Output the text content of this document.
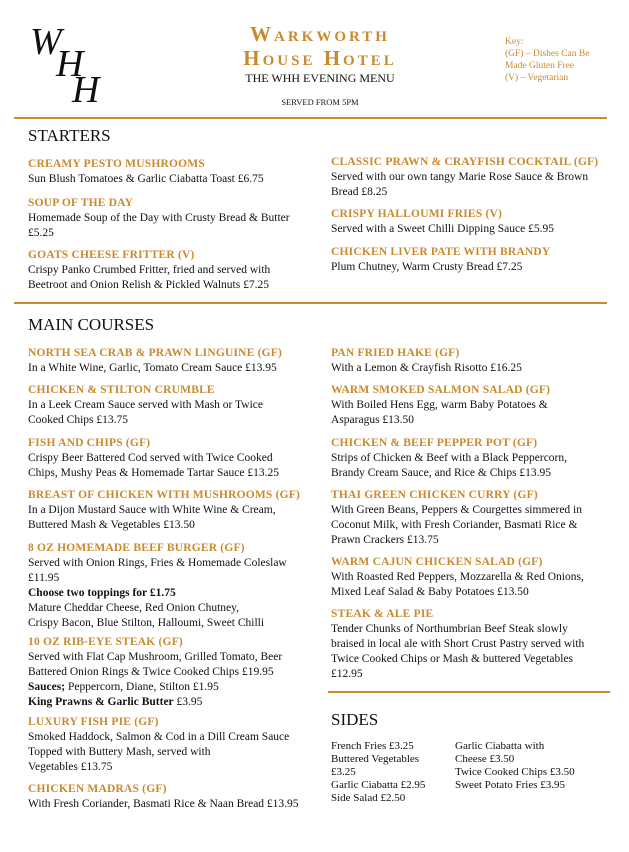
W
H
H
Warkworth
House Hotel
THE WHH EVENING MENU
SERVED FROM 5PM
Key:
(GF) – Dishes Can Be
Made Gluten Free
(V) – Vegetarian
STARTERS
CREAMY PESTO MUSHROOMS
Sun Blush Tomatoes & Garlic Ciabatta Toast £6.75
SOUP OF THE DAY
Homemade Soup of the Day with Crusty Bread & Butter
£5.25
GOATS CHEESE FRITTER (V)
Crispy Panko Crumbed Fritter, fried and served with
Beetroot and Onion Relish & Pickled Walnuts £7.25
CLASSIC PRAWN & CRAYFISH COCKTAIL (GF)
Served with our own tangy Marie Rose Sauce & Brown
Bread £8.25
CRISPY HALLOUMI FRIES (V)
Served with a Sweet Chilli Dipping Sauce £5.95
CHICKEN LIVER PATE WITH BRANDY
Plum Chutney, Warm Crusty Bread £7.25
MAIN COURSES
NORTH SEA CRAB & PRAWN LINGUINE (GF)
In a White Wine, Garlic, Tomato Cream Sauce £13.95
CHICKEN & STILTON CRUMBLE
In a Leek Cream Sauce served with Mash or Twice
Cooked Chips £13.75
FISH AND CHIPS (GF)
Crispy Beer Battered Cod served with Twice Cooked
Chips, Mushy Peas & Homemade Tartar Sauce £13.25
BREAST OF CHICKEN WITH MUSHROOMS (GF)
In a Dijon Mustard Sauce with White Wine & Cream,
Buttered Mash & Vegetables £13.50
8 OZ HOMEMADE BEEF BURGER (GF)
Served with Onion Rings, Fries & Homemade Coleslaw
£11.95
Choose two toppings for £1.75
Mature Cheddar Cheese, Red Onion Chutney,
Crispy Bacon, Blue Stilton, Halloumi, Sweet Chilli
10 OZ RIB-EYE STEAK (GF)
Served with Flat Cap Mushroom, Grilled Tomato, Beer
Battered Onion Rings & Twice Cooked Chips £19.95
Sauces; Peppercorn, Diane, Stilton £1.95
King Prawns & Garlic Butter £3.95
LUXURY FISH PIE (GF)
Smoked Haddock, Salmon & Cod in a Dill Cream Sauce
Topped with Buttery Mash, served with
Vegetables £13.75
CHICKEN MADRAS (GF)
With Fresh Coriander, Basmati Rice & Naan Bread £13.95
PAN FRIED HAKE (GF)
With a Lemon & Crayfish Risotto £16.25
WARM SMOKED SALMON SALAD (GF)
With Boiled Hens Egg, warm Baby Potatoes &
Asparagus £13.50
CHICKEN & BEEF PEPPER POT (GF)
Strips of Chicken & Beef with a Black Peppercorn,
Brandy Cream Sauce, and Rice & Chips £13.95
THAI GREEN CHICKEN CURRY (GF)
With Green Beans, Peppers & Courgettes simmered in
Coconut Milk, with Fresh Coriander, Basmati Rice &
Prawn Crackers £13.75
WARM CAJUN CHICKEN SALAD (GF)
With Roasted Red Peppers, Mozzarella & Red Onions,
Mixed Leaf Salad & Baby Potatoes £13.50
STEAK & ALE PIE
Tender Chunks of Northumbrian Beef Steak slowly
braised in local ale with Short Crust Pastry served with
Twice Cooked Chips or Mash & buttered Vegetables
£12.95
SIDES
French Fries £3.25
Buttered Vegetables
£3.25
Garlic Ciabatta £2.95
Side Salad £2.50
Garlic Ciabatta with
Cheese £3.50
Twice Cooked Chips £3.50
Sweet Potato Fries £3.95
